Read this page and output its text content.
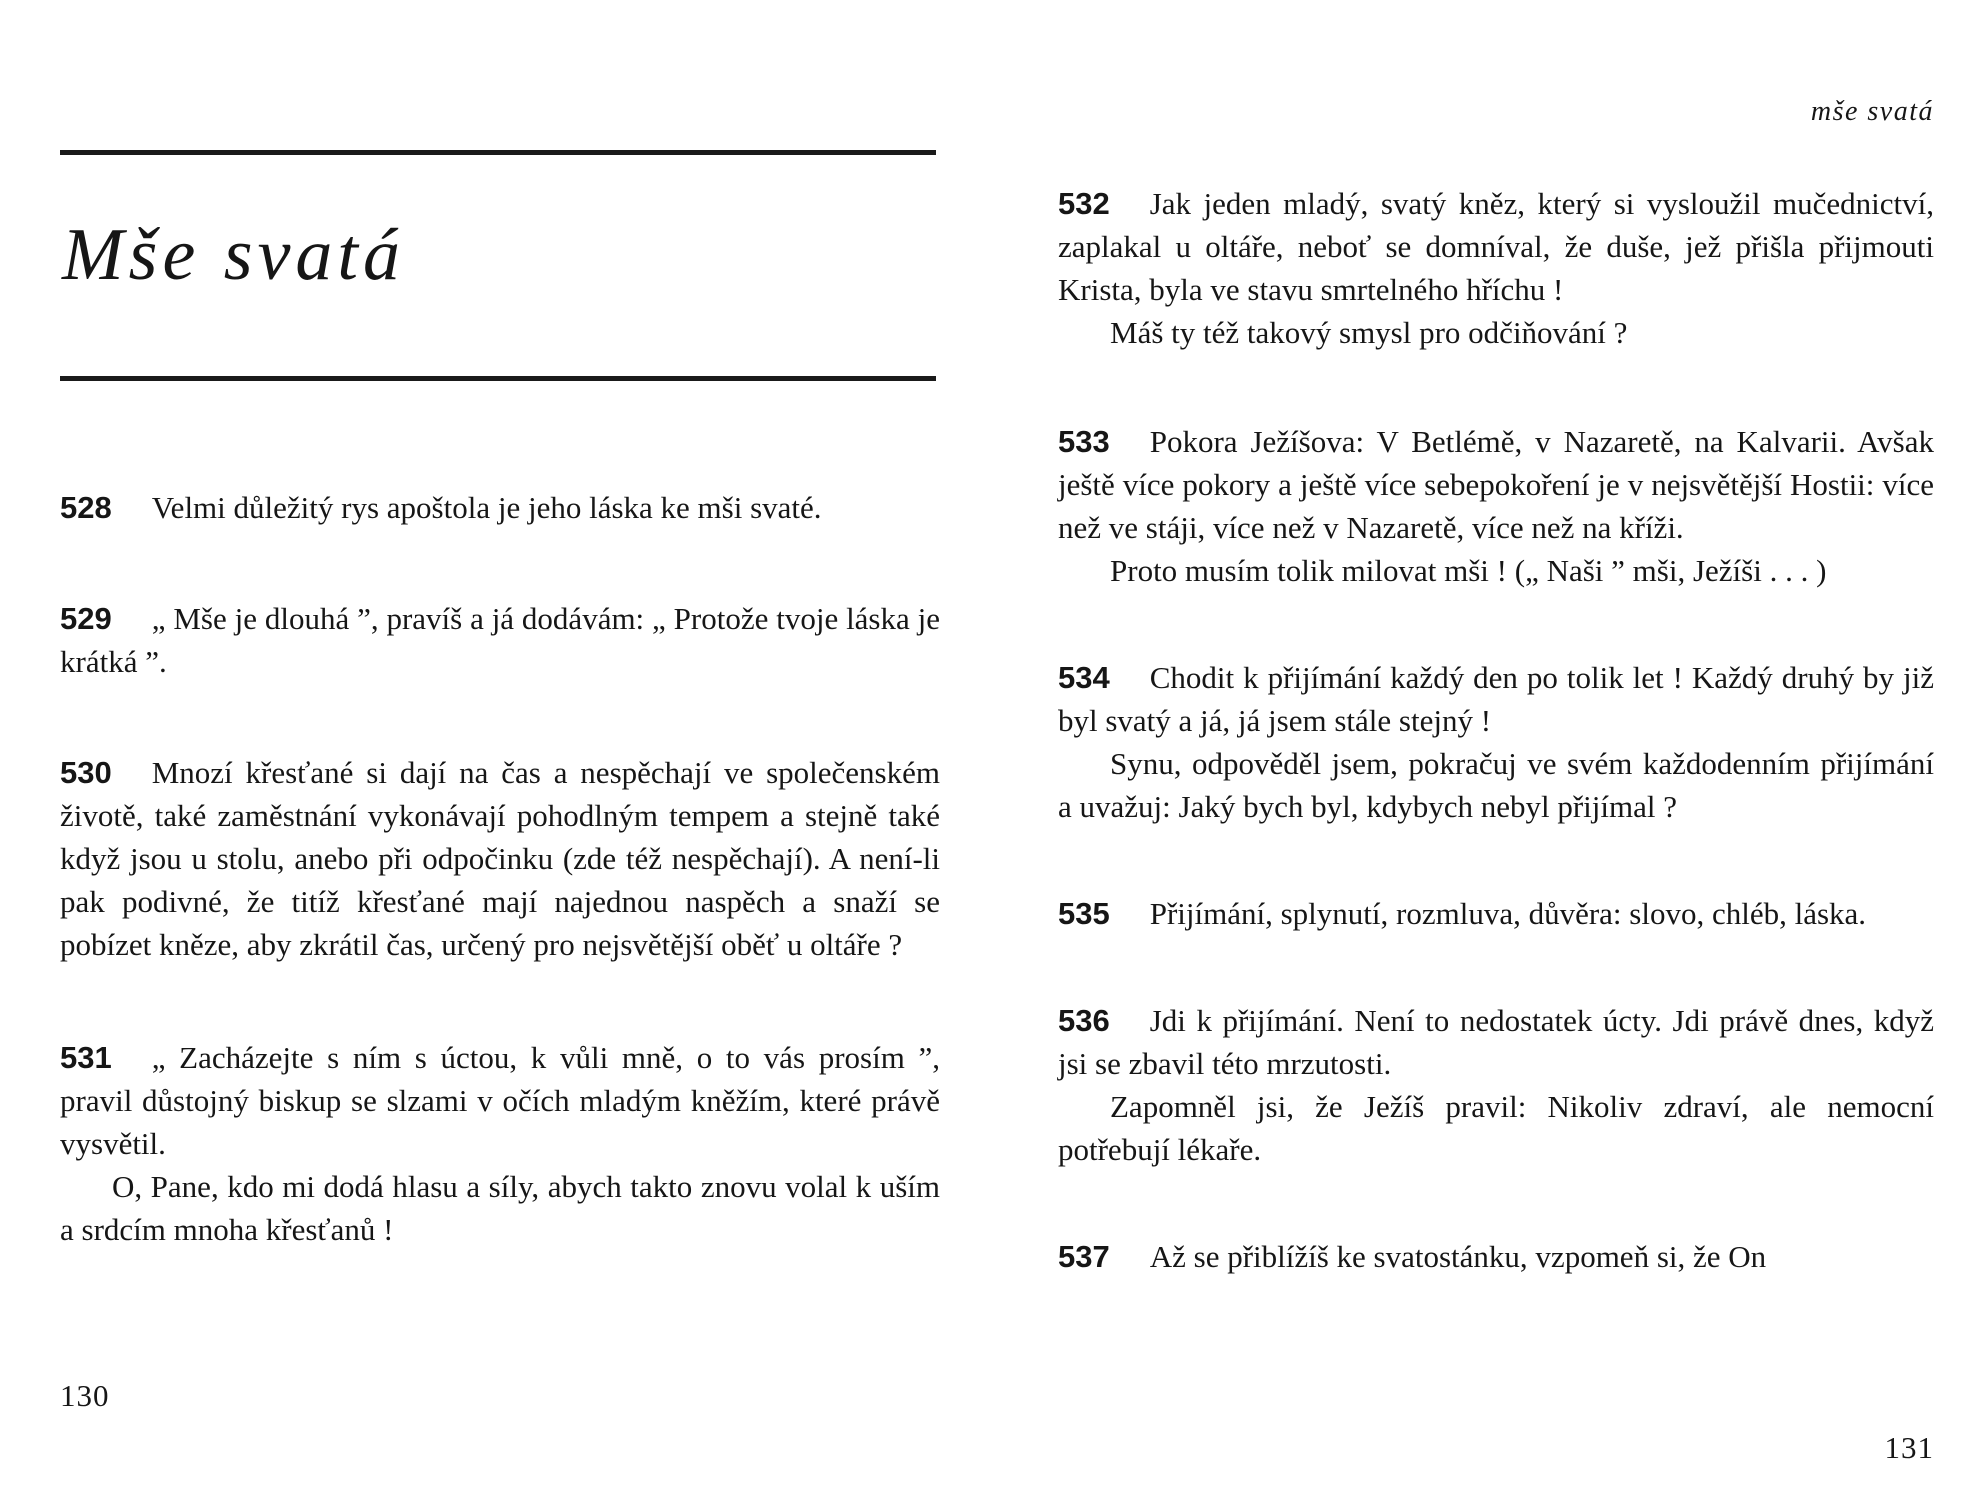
Mše svatá

528 Velmi důležitý rys apoštola je jeho láska ke mši svaté.

529 „ Mše je dlouhá ”, pravíš a já dodávám: „ Protože tvoje láska je krátká ”.

530 Mnozí křesťané si dají na čas a nespěchají ve společenském životě, také zaměstnání vykonávají pohodlným tempem a stejně také když jsou u stolu, anebo při odpočinku (zde též nespěchají). A není-li pak podivné, že titíž křesťané mají najednou naspěch a snaží se pobízet kněze, aby zkrátil čas, určený pro nejsvětější oběť u oltáře ?

531 „ Zacházejte s ním s úctou, k vůli mně, o to vás prosím ”, pravil důstojný biskup se slzami v očích mladým kněžím, které právě vysvětil.

O, Pane, kdo mi dodá hlasu a síly, abych takto znovu volal k uším a srdcím mnoha křesťanů !

130
mše svatá

532 Jak jeden mladý, svatý kněz, který si vysloužil mučednictví, zaplakal u oltáře, neboť se domníval, že duše, jež přišla přijmouti Krista, byla ve stavu smrtelného hříchu !

Máš ty též takový smysl pro odčiňování ?

533 Pokora Ježíšova: V Betlémě, v Nazaretě, na Kalvarii. Avšak ještě více pokory a ještě více sebepokoření je v nejsvětější Hostii: více než ve stáji, více než v Nazaretě, více než na kříži.

Proto musím tolik milovat mši ! („ Naši ” mši, Ježíši . . . )

534 Chodit k přijímání každý den po tolik let ! Každý druhý by již byl svatý a já, já jsem stále stejný !

Synu, odpověděl jsem, pokračuj ve svém každodenním přijímání a uvažuj: Jaký bych byl, kdybych nebyl přijímal ?

535 Přijímání, splynutí, rozmluva, důvěra: slovo, chléb, láska.

536 Jdi k přijímání. Není to nedostatek úcty. Jdi právě dnes, když jsi se zbavil této mrzutosti.

Zapomněl jsi, že Ježíš pravil: Nikoliv zdraví, ale nemocní potřebují lékaře.

537 Až se přiblížíš ke svatostánku, vzpomeň si, že On

131
